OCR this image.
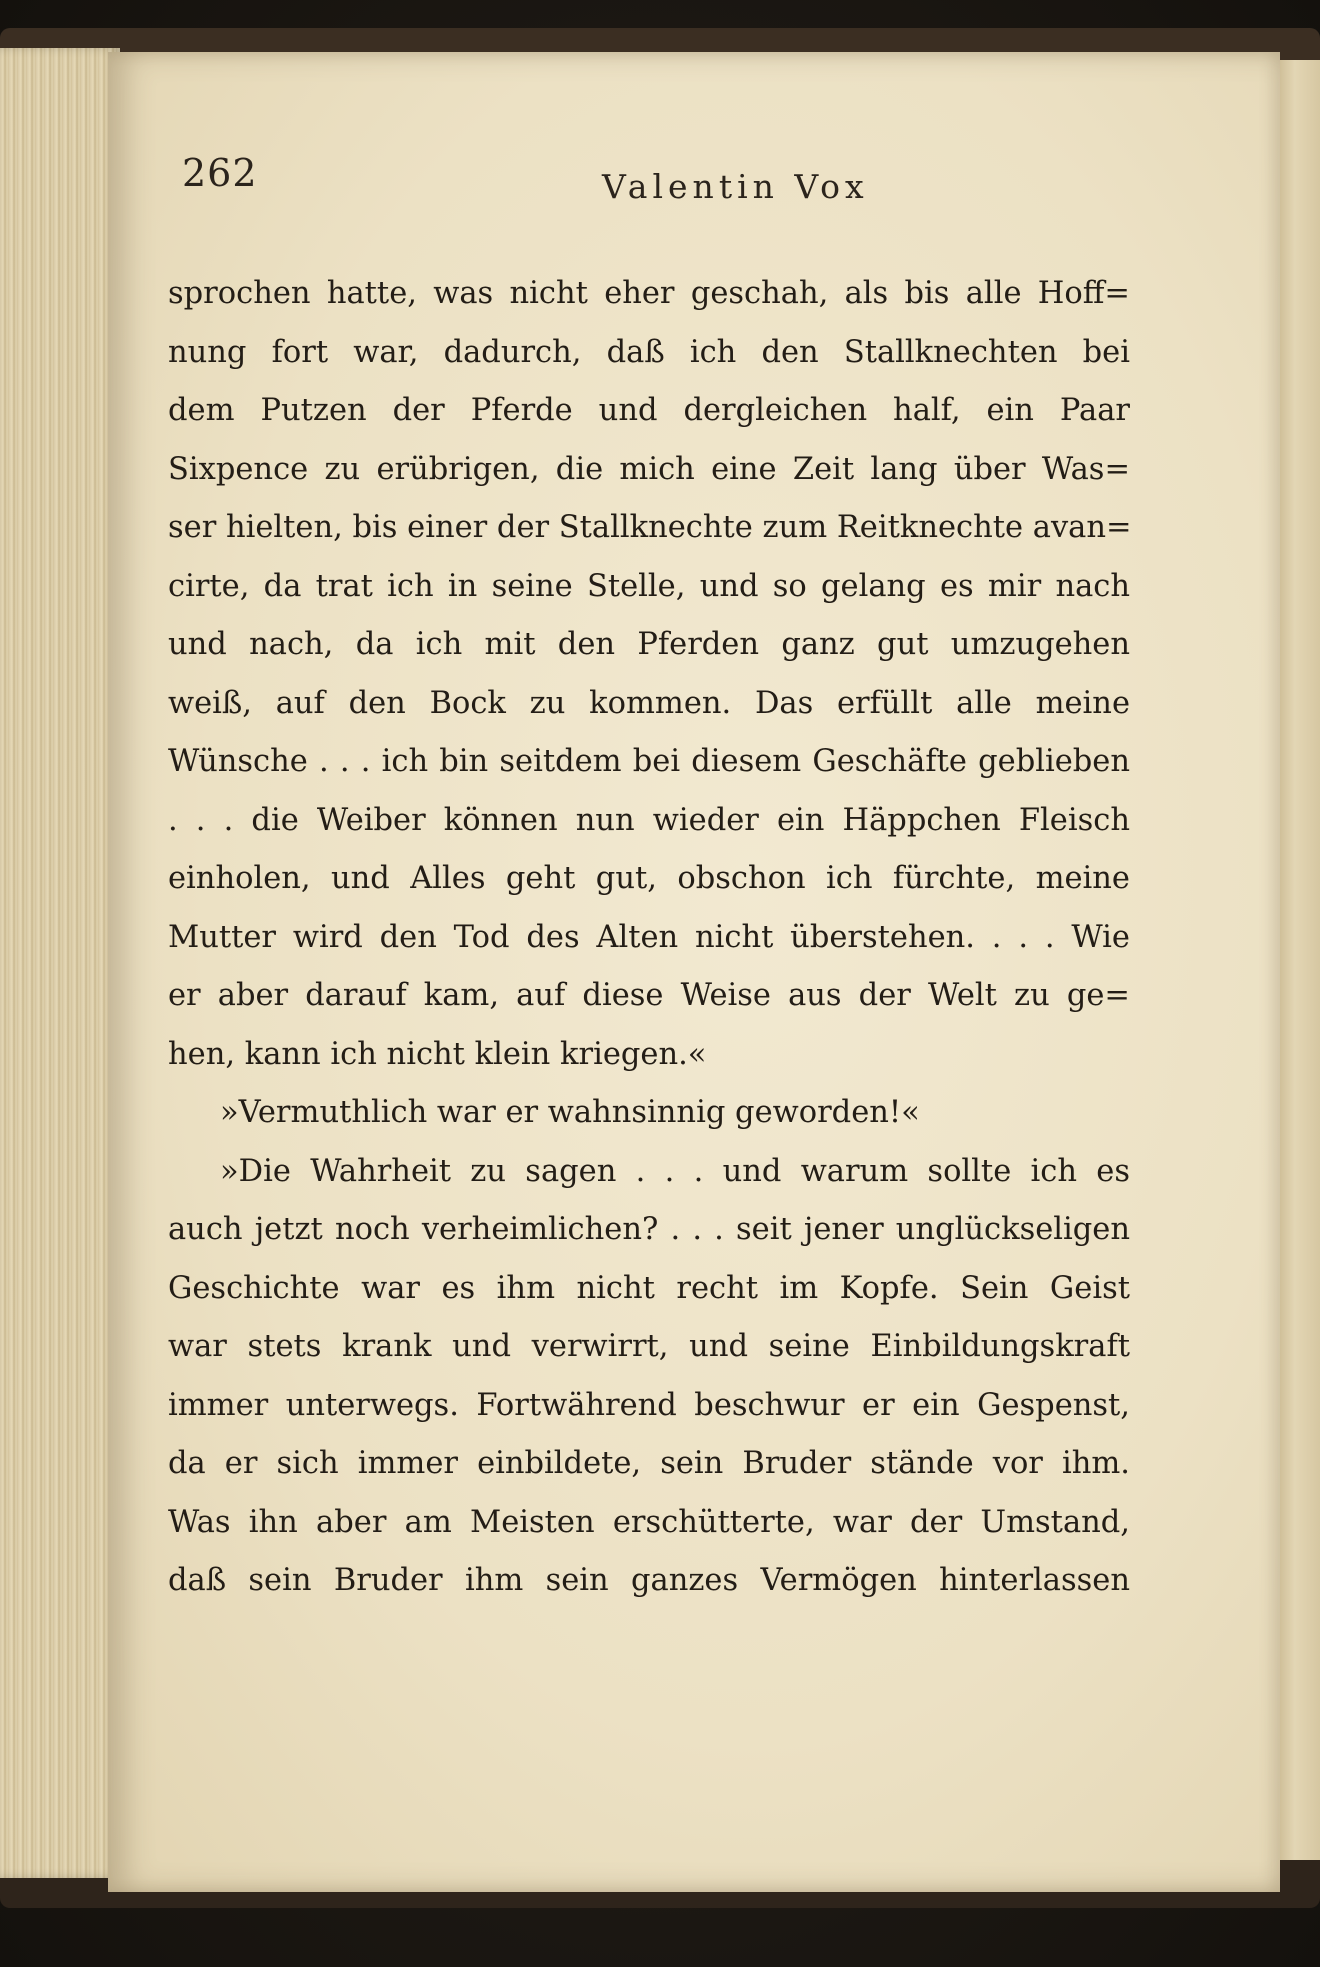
262	Valentin Vox
sprochen hatte, was nicht eher geschah, als bis alle Hoff=
nung fort war, dadurch, daß ich den Stallknechten bei
dem Putzen der Pferde und dergleichen half, ein Paar
Sixpence zu erübrigen, die mich eine Zeit lang über Was=
ser hielten, bis einer der Stallknechte zum Reitknechte avan=
cirte, da trat ich in seine Stelle, und so gelang es mir nach
und nach, da ich mit den Pferden ganz gut umzugehen
weiß, auf den Bock zu kommen. Das erfüllt alle meine
Wünsche . . . ich bin seitdem bei diesem Geschäfte geblieben
. . . die Weiber können nun wieder ein Häppchen Fleisch
einholen, und Alles geht gut, obschon ich fürchte, meine
Mutter wird den Tod des Alten nicht überstehen. . . . Wie
er aber darauf kam, auf diese Weise aus der Welt zu ge=
hen, kann ich nicht klein kriegen.«
»Vermuthlich war er wahnsinnig geworden!«
»Die Wahrheit zu sagen . . . und warum sollte ich es
auch jetzt noch verheimlichen? . . . seit jener unglückseligen
Geschichte war es ihm nicht recht im Kopfe. Sein Geist
war stets krank und verwirrt, und seine Einbildungskraft
immer unterwegs. Fortwährend beschwur er ein Gespenst,
da er sich immer einbildete, sein Bruder stände vor ihm.
Was ihn aber am Meisten erschütterte, war der Umstand,
daß sein Bruder ihm sein ganzes Vermögen hinterlassen
